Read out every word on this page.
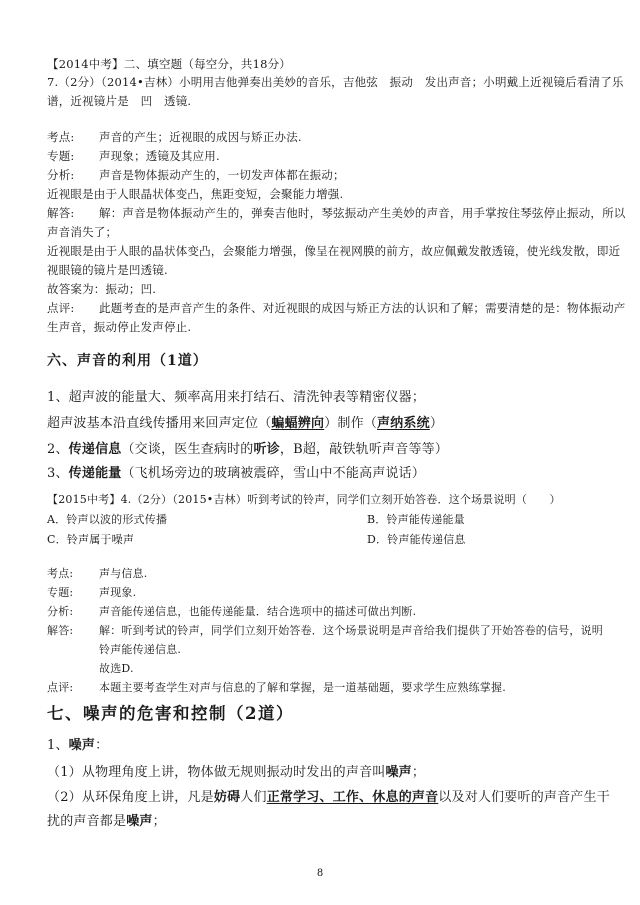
【2014中考】二、填空题（每空分，共18分）
7.（2分）（2014•吉林）小明用吉他弹奏出美妙的音乐，吉他弦　振动　发出声音；小明戴上近视镜后看清了乐
谱，近视镜片是　凹　透镜.
考点: 声音的产生；近视眼的成因与矫正办法.
专题: 声现象；透镜及其应用.
分析: 声音是物体振动产生的，一切发声体都在振动；
近视眼是由于人眼晶状体变凸，焦距变短，会聚能力增强.
解答: 解：声音是物体振动产生的，弹奏吉他时，琴弦振动产生美妙的声音，用手掌按住琴弦停止振动，所以
声音消失了；
近视眼是由于人眼的晶状体变凸，会聚能力增强，像呈在视网膜的前方，故应佩戴发散透镜，使光线发散，即近
视眼镜的镜片是凹透镜.
故答案为：振动；凹.
点评: 此题考查的是声音产生的条件、对近视眼的成因与矫正方法的认识和了解；需要清楚的是：物体振动产
生声音，振动停止发声停止.
六、声音的利用（1道）
1、超声波的能量大、频率高用来打结石、清洗钟表等精密仪器；
超声波基本沿直线传播用来回声定位（蝙蝠辨向）制作（声纳系统）
2、传递信息（交谈，医生查病时的听诊，B超，敲铁轨听声音等等）
3、传递能量（飞机场旁边的玻璃被震碎，雪山中不能高声说话）
【2015中考】4.（2分）（2015•吉林）听到考试的铃声，同学们立刻开始答卷．这个场景说明（　　）
A．铃声以波的形式传播	B．铃声能传递能量
C．铃声属于噪声	D．铃声能传递信息
考点: 声与信息.
专题: 声现象.
分析: 声音能传递信息，也能传递能量．结合选项中的描述可做出判断.
解答: 解：听到考试的铃声，同学们立刻开始答卷．这个场景说明是声音给我们提供了开始答卷的信号，说明
铃声能传递信息.
故选D.
点评: 本题主要考查学生对声与信息的了解和掌握，是一道基础题，要求学生应熟练掌握.
七、噪声的危害和控制（2道）
1、噪声：
（1）从物理角度上讲，物体做无规则振动时发出的声音叫噪声；
（2）从环保角度上讲，凡是妨碍人们正常学习、工作、休息的声音以及对人们要听的声音产生干
扰的声音都是噪声；
8
